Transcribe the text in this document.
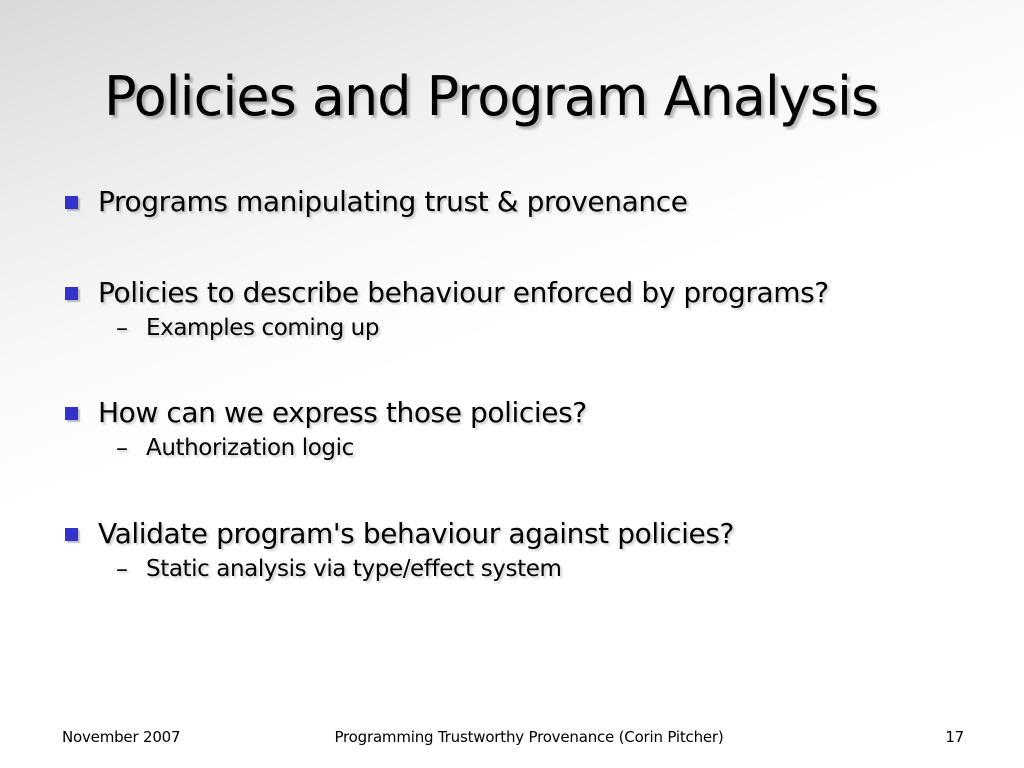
Policies and Program Analysis
Programs manipulating trust & provenance
Policies to describe behaviour enforced by programs?
– Examples coming up
How can we express those policies?
– Authorization logic
Validate program's behaviour against policies?
– Static analysis via type/effect system
November 2007	Programming Trustworthy Provenance (Corin Pitcher)	17
